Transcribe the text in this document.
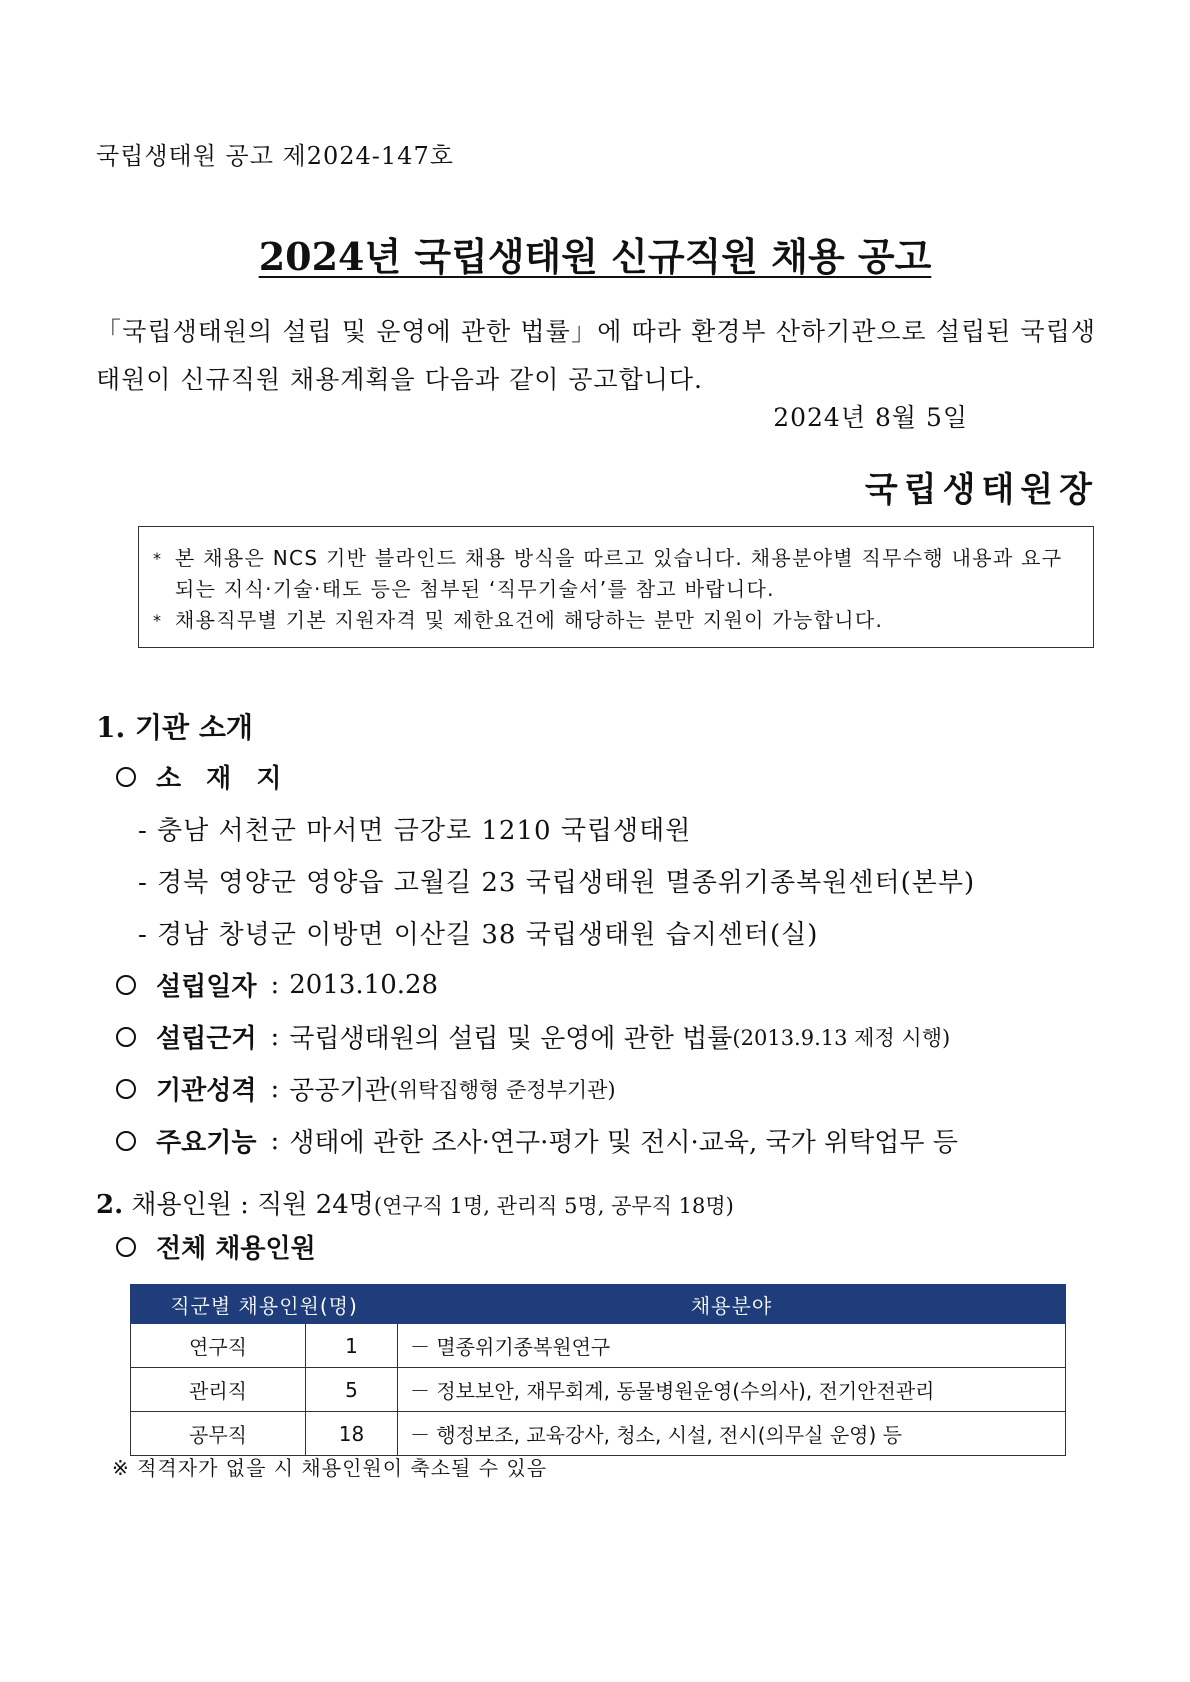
국립생태원 공고 제2024-147호
2024년 국립생태원 신규직원 채용 공고
「국립생태원의 설립 및 운영에 관한 법률」에 따라 환경부 산하기관으로 설립된 국립생태원이 신규직원 채용계획을 다음과 같이 공고합니다.
2024년 8월 5일
국립생태원장
* 본 채용은 NCS 기반 블라인드 채용 방식을 따르고 있습니다. 채용분야별 직무수행 내용과 요구되는 지식·기술·태도 등은 첨부된 ‘직무기술서’를 참고 바랍니다.
* 채용직무별 기본 지원자격 및 제한요건에 해당하는 분만 지원이 가능합니다.
1. 기관 소개
소 재 지
- 충남 서천군 마서면 금강로 1210 국립생태원
- 경북 영양군 영양읍 고월길 23 국립생태원 멸종위기종복원센터(본부)
- 경남 창녕군 이방면 이산길 38 국립생태원 습지센터(실)
설립일자 : 2013.10.28
설립근거 : 국립생태원의 설립 및 운영에 관한 법률 (2013.9.13 제정 시행)
기관성격 : 공공기관 (위탁집행형 준정부기관)
주요기능 : 생태에 관한 조사·연구·평가 및 전시·교육, 국가 위탁업무 등
2. 채용인원 : 직원 24명(연구직 1명, 관리직 5명, 공무직 18명)
전체 채용인원
직군별 채용인원(명)		채용분야
연구직	1	－ 멸종위기종복원연구
관리직	5	－ 정보보안, 재무회계, 동물병원운영(수의사), 전기안전관리
공무직	18	－ 행정보조, 교육강사, 청소, 시설, 전시(의무실 운영) 등
※ 적격자가 없을 시 채용인원이 축소될 수 있음
